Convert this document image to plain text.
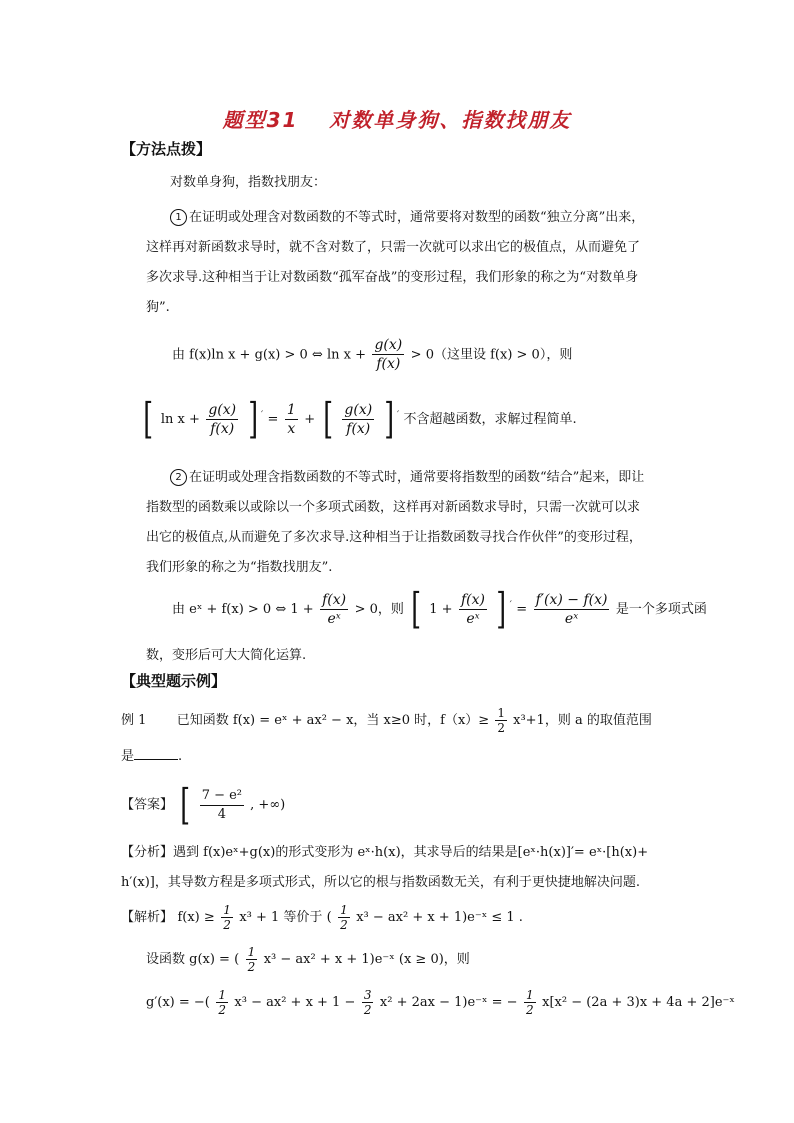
题型31　 对数单身狗、指数找朋友
【方法点拨】
对数单身狗，指数找朋友：
1 在证明或处理含对数函数的不等式时，通常要将对数型的函数“独立分离”出来，
这样再对新函数求导时，就不含对数了，只需一次就可以求出它的极值点，从而避免了
多次求导.这种相当于让对数函数“孤军奋战”的变形过程，我们形象的称之为“对数单身
狗”.
由 f(x)ln x + g(x) > 0 ⇔ $\ln x + \frac{g(x)}{f(x)} > 0$（这里设 f(x) > 0），则
[ $\ln x + \frac{g(x)}{f(x)}$ ] $' = \frac{1}{x}$ + [ $\frac{g(x)}{f(x)}$ ] ′ 不含超越函数，求解过程简单.
2 在证明或处理含指数函数的不等式时，通常要将指数型的函数“结合”起来，即让
指数型的函数乘以或除以一个多项式函数，这样再对新函数求导时，只需一次就可以求
出它的极值点,从而避免了多次求导.这种相当于让指数函数寻找合作伙伴”的变形过程，
我们形象的称之为“指数找朋友”.
由 eˣ + f(x) > 0 ⇔ $1 + \frac{f(x)}{\text{eˣ}} > 0$，则 [ $1 + \frac{f(x)}{\text{eˣ}}$ ] $' = \frac{f'(x) - f(x)}{\text{eˣ}}$ 是一个多项式函
数，变形后可大大简化运算.
【典型题示例】
例 1 已知函数 f(x) = eˣ + ax² − x，当 x≥0 时，$f(x)\ge \frac{1}{2} x^3+1$，则 a 的取值范围
是	.
【答案】 [ $\frac{\text{7 − e²}}{4}$ , +∞)
【分析】遇到 f(x)eˣ+g(x)的形式变形为 eˣ·h(x)，其求导后的结果是[eˣ·h(x)]′= eˣ·[h(x)+
h′(x)]，其导数方程是多项式形式，所以它的根与指数函数无关，有利于更快捷地解决问题.
【解析】 $f(x) \ge \frac{1}{2} x^3 + 1$ 等价于 ( $\frac{1}{2} x^3 - ax^2 + x$ + 1)e⁻ˣ ≤ 1 .
设函数 g(x) = ( $\frac{1}{2} x^3 - ax^2 + x$ + 1)e⁻ˣ (x ≥ 0)，则
g′(x) = −( $\frac{1}{2} x^3 - ax^2 + x + 1 - \frac{3}{2} x^2 + 2ax$ − 1)e⁻ˣ = − $\frac{1}{2} x[x^2 - (2a + 3)x + 4a$ + 2]e⁻ˣ
